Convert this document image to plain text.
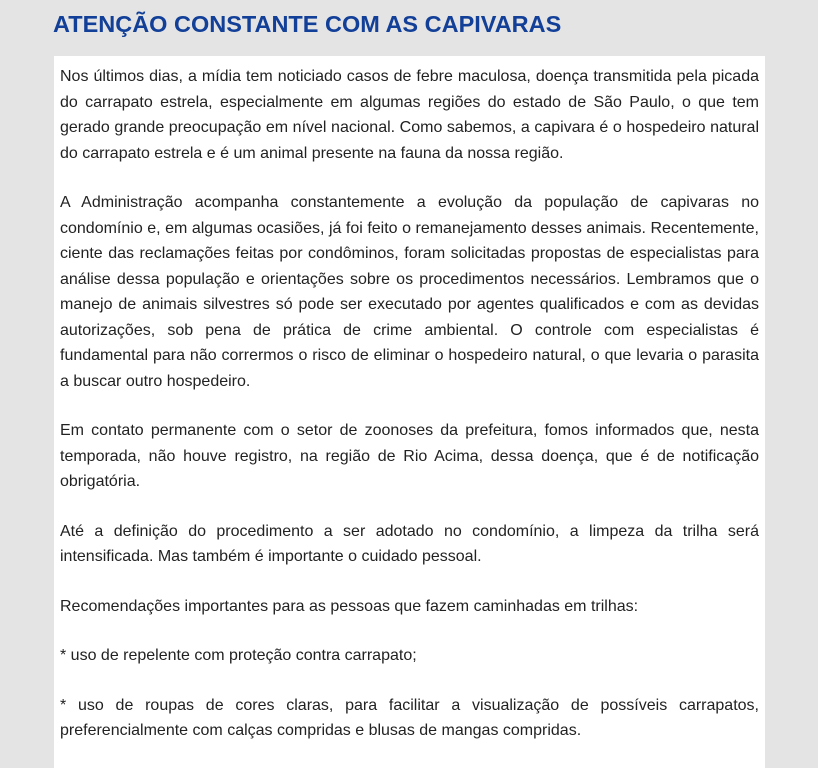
ATENÇÃO CONSTANTE COM AS CAPIVARAS

Nos últimos dias, a mídia tem noticiado casos de febre maculosa, doença transmitida pela picada do carrapato estrela, especialmente em algumas regiões do estado de São Paulo, o que tem gerado grande preocupação em nível nacional. Como sabemos, a capivara é o hospedeiro natural do carrapato estrela e é um animal presente na fauna da nossa região.

A Administração acompanha constantemente a evolução da população de capivaras no condomínio e, em algumas ocasiões, já foi feito o remanejamento desses animais. Recentemente, ciente das reclamações feitas por condôminos, foram solicitadas propostas de especialistas para análise dessa população e orientações sobre os procedimentos necessários. Lembramos que o manejo de animais silvestres só pode ser executado por agentes qualificados e com as devidas autorizações, sob pena de prática de crime ambiental. O controle com especialistas é fundamental para não corrermos o risco de eliminar o hospedeiro natural, o que levaria o parasita a buscar outro hospedeiro.

Em contato permanente com o setor de zoonoses da prefeitura, fomos informados que, nesta temporada, não houve registro, na região de Rio Acima, dessa doença, que é de notificação obrigatória.

Até a definição do procedimento a ser adotado no condomínio, a limpeza da trilha será intensificada. Mas também é importante o cuidado pessoal.

Recomendações importantes para as pessoas que fazem caminhadas em trilhas:

* uso de repelente com proteção contra carrapato;

* uso de roupas de cores claras, para facilitar a visualização de possíveis carrapatos, preferencialmente com calças compridas e blusas de mangas compridas.
